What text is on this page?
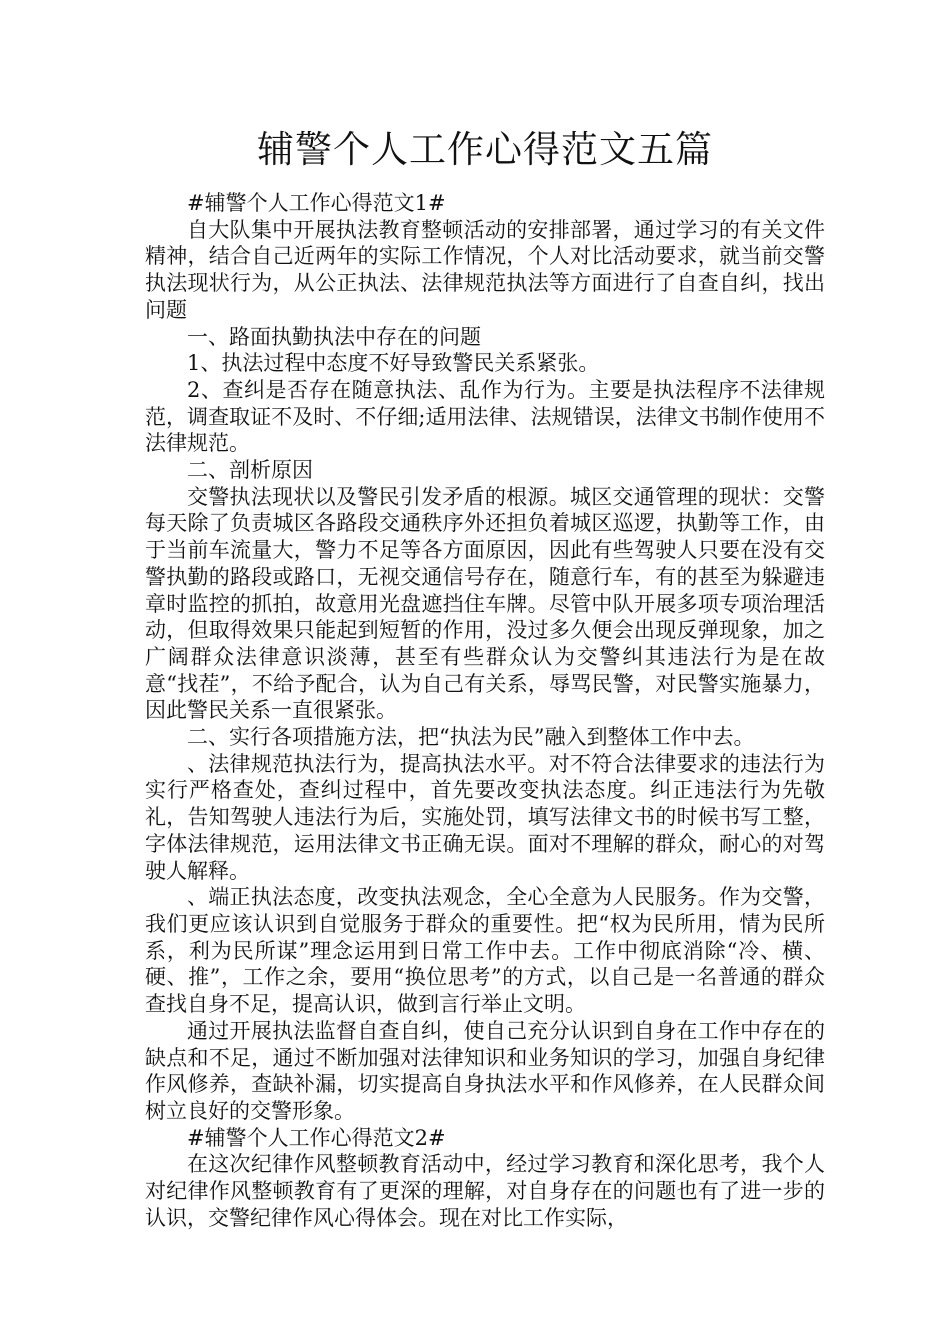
辅警个人工作心得范文五篇

#辅警个人工作心得范文1#

自大队集中开展执法教育整顿活动的安排部署，通过学习的有关文件精神，结合自己近两年的实际工作情况，个人对比活动要求，就当前交警执法现状行为，从公正执法、法律规范执法等方面进行了自查自纠，找出问题

一、路面执勤执法中存在的问题

1、执法过程中态度不好导致警民关系紧张。

2、查纠是否存在随意执法、乱作为行为。主要是执法程序不法律规范，调查取证不及时、不仔细;适用法律、法规错误，法律文书制作使用不法律规范。

二、剖析原因

交警执法现状以及警民引发矛盾的根源。城区交通管理的现状：交警每天除了负责城区各路段交通秩序外还担负着城区巡逻，执勤等工作，由于当前车流量大，警力不足等各方面原因，因此有些驾驶人只要在没有交警执勤的路段或路口，无视交通信号存在，随意行车，有的甚至为躲避违章时监控的抓拍，故意用光盘遮挡住车牌。尽管中队开展多项专项治理活动，但取得效果只能起到短暂的作用，没过多久便会出现反弹现象，加之广阔群众法律意识淡薄，甚至有些群众认为交警纠其违法行为是在故意“找茬”，不给予配合，认为自己有关系，辱骂民警，对民警实施暴力，因此警民关系一直很紧张。

二、实行各项措施方法，把“执法为民”融入到整体工作中去。

、法律规范执法行为，提高执法水平。对不符合法律要求的违法行为实行严格查处，查纠过程中，首先要改变执法态度。纠正违法行为先敬礼，告知驾驶人违法行为后，实施处罚，填写法律文书的时候书写工整，字体法律规范，运用法律文书正确无误。面对不理解的群众，耐心的对驾驶人解释。

、端正执法态度，改变执法观念，全心全意为人民服务。作为交警，我们更应该认识到自觉服务于群众的重要性。把“权为民所用，情为民所系，利为民所谋”理念运用到日常工作中去。工作中彻底消除“冷、横、硬、推”，工作之余，要用“换位思考”的方式，以自己是一名普通的群众查找自身不足，提高认识，做到言行举止文明。

通过开展执法监督自查自纠，使自己充分认识到自身在工作中存在的缺点和不足，通过不断加强对法律知识和业务知识的学习，加强自身纪律作风修养，查缺补漏，切实提高自身执法水平和作风修养，在人民群众间树立良好的交警形象。

#辅警个人工作心得范文2#

在这次纪律作风整顿教育活动中，经过学习教育和深化思考，我个人对纪律作风整顿教育有了更深的理解，对自身存在的问题也有了进一步的认识，交警纪律作风心得体会。现在对比工作实际，
